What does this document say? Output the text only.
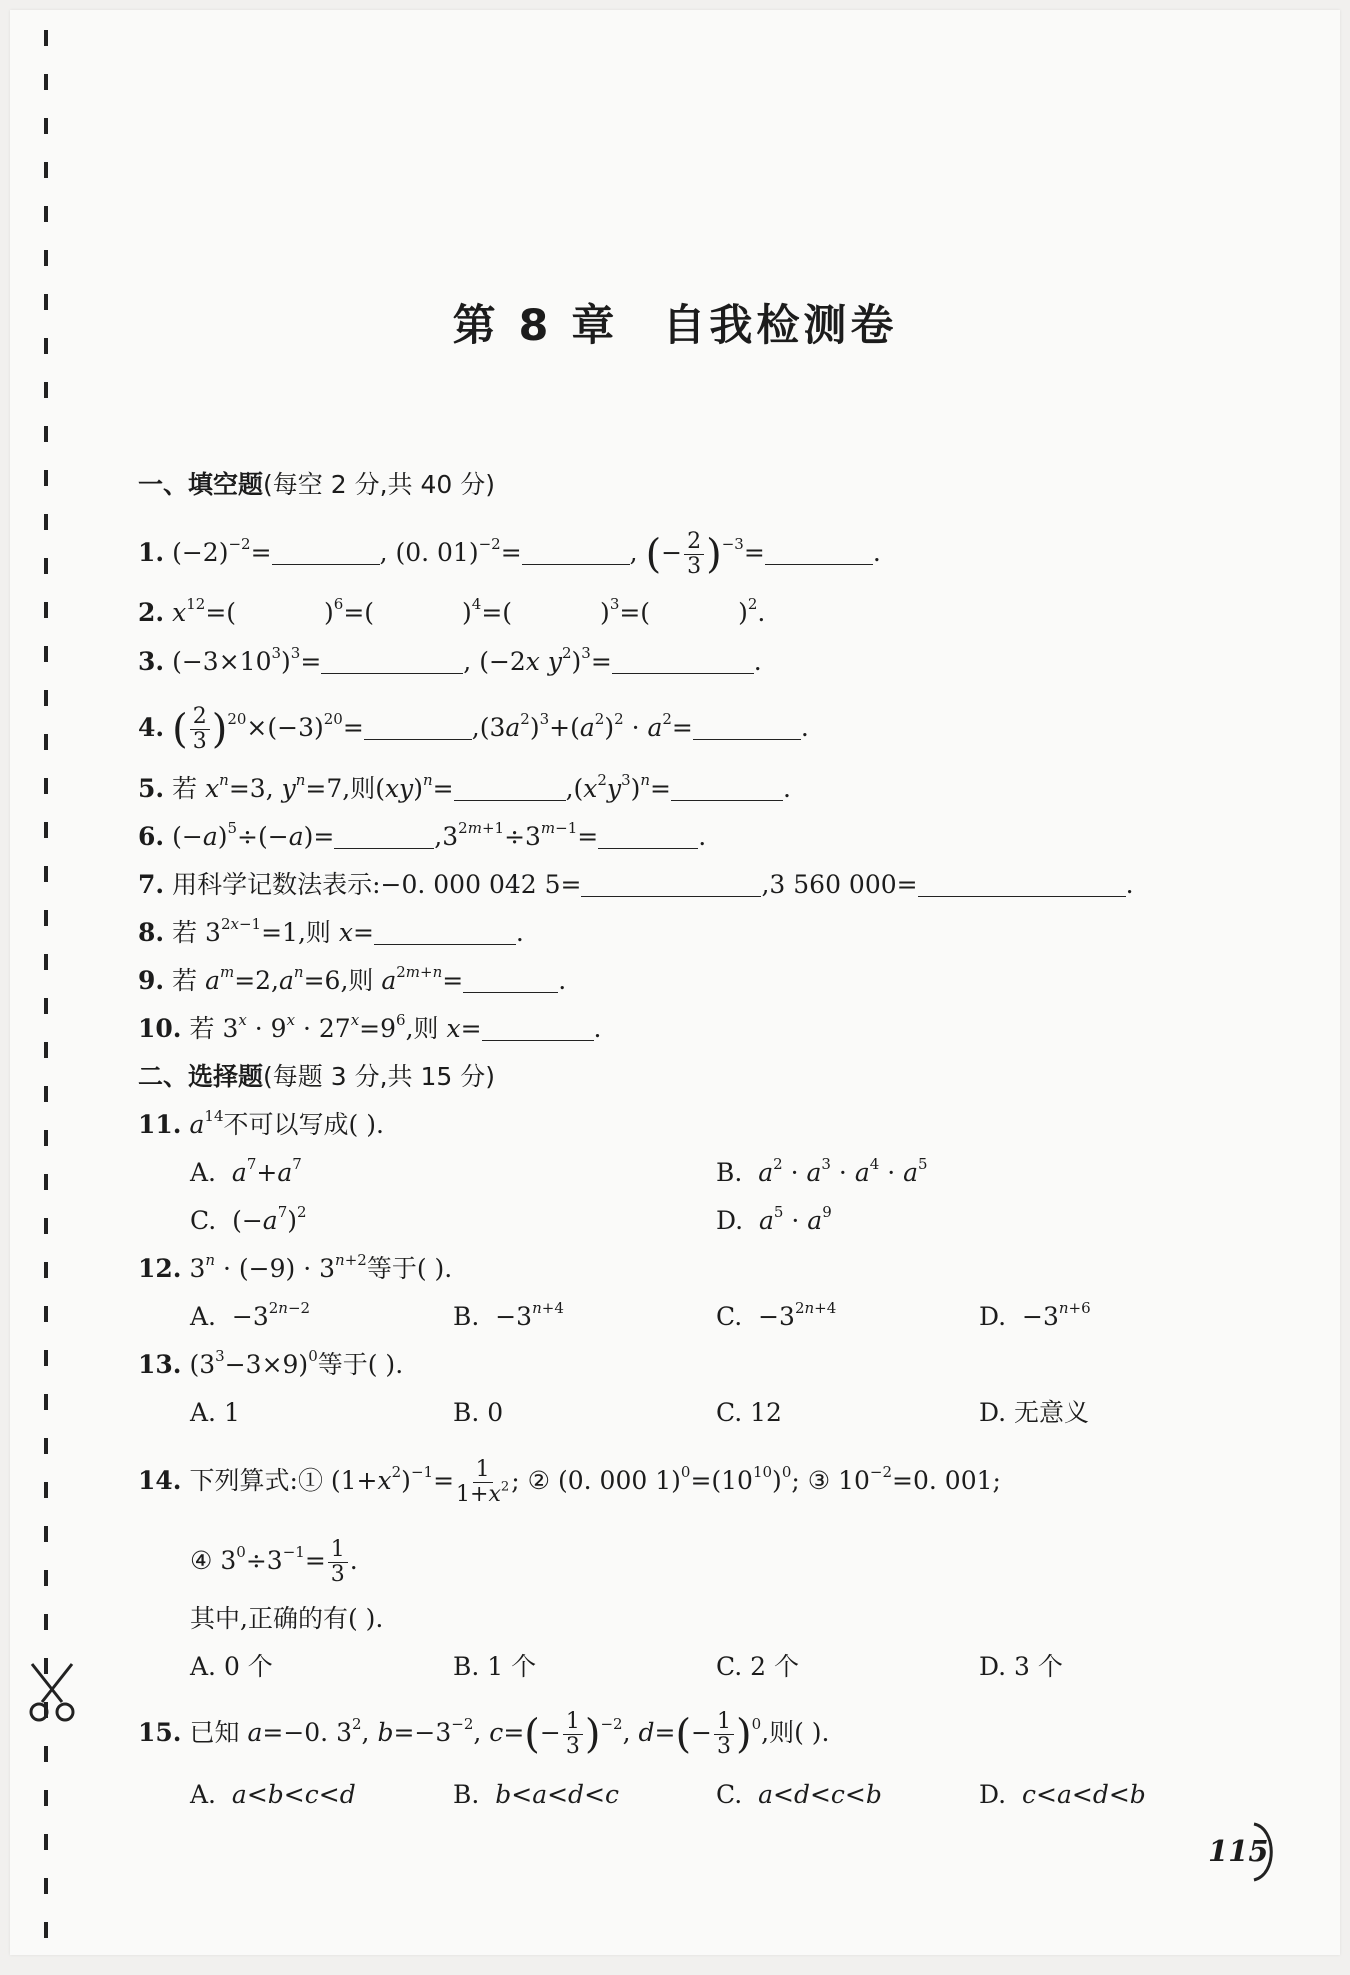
第 8 章 自我检测卷
一、填空题(每空 2 分,共 40 分)
1. $(-2)^{-2}=$	, (0. 01)$^{-2}$=	, (− $\frac{2}{3} )^{-3}=$	.
2. $x^{12}=$(	)$^6$=(	)$^4$=(	)$^3$=(	)$^2$.
3. $(-3\times 10^3)^3=$	, (−2x $y^2)^3=$	.
4. ( $\frac{2}{3} )^{20}\times(-3)^{20}=$	$,(3a^2)^3+(a^2)^2 \cdot a^2=$	.
5. 若 $x^n=3$, $y^n=7$,则(xy)$^n$=	$,(x^2y^3)^n=$	.
6. $(-a)^5\div(-a)=$	$,3^{2m+1}\div 3^{m-1}=$	.
7. 用科学记数法表示:−0. 000 042 5=	,3 560 000=	.
8. 若 $3^{2x-1}=1$,则 x=	.
9. 若 $a^m=2,a^n=6$,则 $a^{2m+n}=$	.
10. 若 $3^x \cdot 9^x \cdot 27^x=9^6$,则 x=	.
二、选择题(每题 3 分,共 15 分)
11. $a^{14}$不可以写成( ).
A.  $a^7+a^7$	B.  $a^2 \cdot a^3 \cdot a^4 \cdot a^5$
C.  $(-a^7)^2$	D.  $a^5 \cdot a^9$
12. $3^n \cdot (-9) \cdot 3^{n+2}$等于( ).
A.  $-3^{2n-2}$	B.  $-3^{n+4}$	C.  $-3^{2n+4}$	D.  $-3^{n+6}$
13. $(3^3-3\times 9)^0$等于( ).
A. 1	B. 0	C. 12	D. 无意义
14. 下列算式:① $(1+x^2)^{-1}= \frac{1}{1+x^2}$ ; ② (0. 000 $1)^0=(10^{10})^0$; ③ $10^{-2}=0$. 001;
④ $3^0\div 3^{-1}= \frac{1}{3}$ .
其中,正确的有( ).
A. 0 个	B. 1 个	C. 2 个	D. 3 个
15. 已知 a=−0. $3^2$, $b=-3^{-2}$, $c=(- \frac{1}{3} )^{-2}$, $d=(- \frac{1}{3} )^0$,则( ).
A.  a<b<c<d	B.  b<a<d<c	C.  a<d<c<b	D.  c<a<d<b
115
